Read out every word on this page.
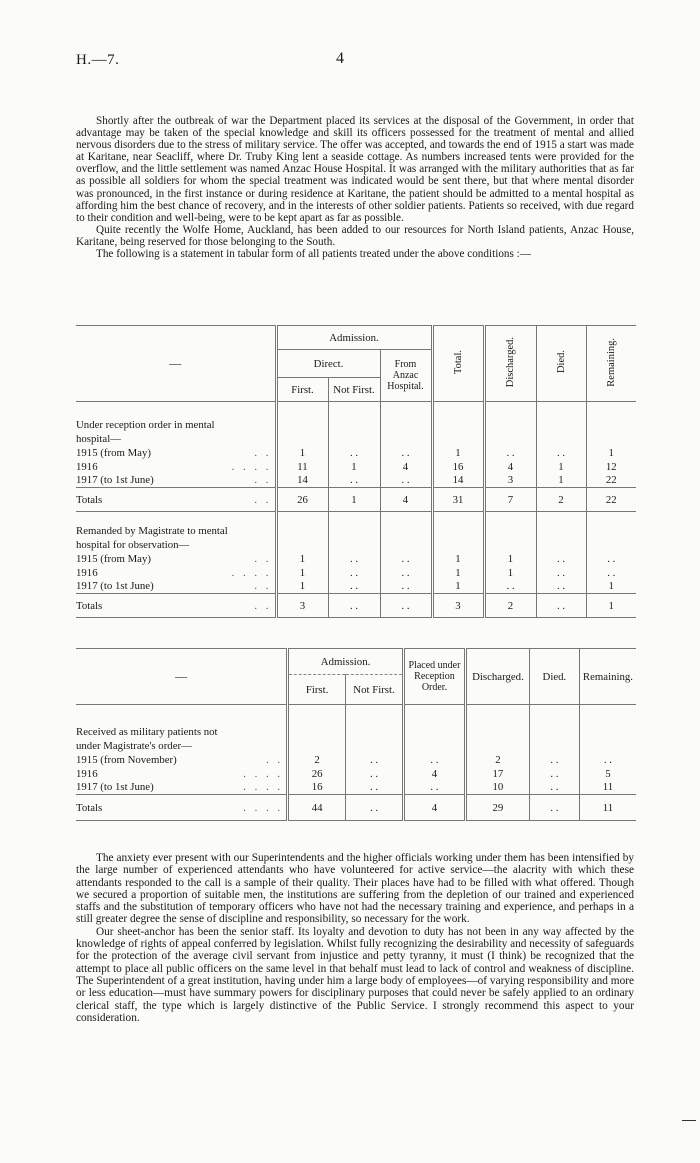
H.—7.	4

Shortly after the outbreak of war the Department placed its services at the disposal of the Government, in order that advantage may be taken of the special knowledge and skill its officers possessed for the treatment of mental and allied nervous disorders due to the stress of military service. The offer was accepted, and towards the end of 1915 a start was made at Karitane, near Seacliff, where Dr. Truby King lent a seaside cottage. As numbers increased tents were provided for the overflow, and the little settlement was named Anzac House Hospital. It was arranged with the military authorities that as far as possible all soldiers for whom the special treatment was indicated would be sent there, but that where mental disorder was pronounced, in the first instance or during residence at Karitane, the patient should be admitted to a mental hospital as affording him the best chance of recovery, and in the interests of other soldier patients. Patients so received, with due regard to their condition and well-being, were to be kept apart as far as possible.

Quite recently the Wolfe Home, Auckland, has been added to our resources for North Island patients, Anzac House, Karitane, being reserved for those belonging to the South.

The following is a statement in tabular form of all patients treated under the above conditions :—

—	Admission.			Total.	Discharged.	Died.	Remaining.
	Direct.		From Anzac Hospital.				
	First.	Not First.					

Under reception order in mental							
hospital—							

1915 (from May) . .	1	. .	. .	1	. .	. .	1

1916 . . . .	11	1	4	16	4	1	12

1917 (to 1st June) . .	14	. .	. .	14	3	1	22

Totals . .	26	1	4	31	7	2	22

Remanded by Magistrate to mental							
hospital for observation—							

1915 (from May) . .	1	. .	. .	1	1	. .	. .

1916 . . . .	1	. .	. .	1	1	. .	. .

1917 (to 1st June) . .	1	. .	. .	1	. .	. .	1

Totals . .	3	. .	. .	3	2	. .	1
—	Admission.		Placed under Reception Order.	Discharged.	Died.	Remaining.
	First.	Not First.				

Received as military patients not						
under Magistrate's order—						

1915 (from November) . .	2	. .	. .	2	. .	. .

1916 . . . .	26	. .	4	17	. .	5

1917 (to 1st June) . . . .	16	. .	. .	10	. .	11

Totals . . . .	44	. .	4	29	. .	11

The anxiety ever present with our Superintendents and the higher officials working under them has been intensified by the large number of experienced attendants who have volunteered for active service—the alacrity with which these attendants responded to the call is a sample of their quality. Their places have had to be filled with what offered. Though we secured a proportion of suitable men, the institutions are suffering from the depletion of our trained and experienced staffs and the substitution of temporary officers who have not had the necessary training and experience, and perhaps in a still greater degree the sense of discipline and responsibility, so necessary for the work.

Our sheet-anchor has been the senior staff. Its loyalty and devotion to duty has not been in any way affected by the knowledge of rights of appeal conferred by legislation. Whilst fully recognizing the desirability and necessity of safeguards for the protection of the average civil servant from injustice and petty tyranny, it must (I think) be recognized that the attempt to place all public officers on the same level in that behalf must lead to lack of control and weakness of discipline. The Superintendent of a great institution, having under him a large body of employees—of varying responsibility and more or less education—must have summary powers for disciplinary purposes that could never be safely applied to an ordinary clerical staff, the type which is largely distinctive of the Public Service. I strongly recommend this aspect to your consideration.
